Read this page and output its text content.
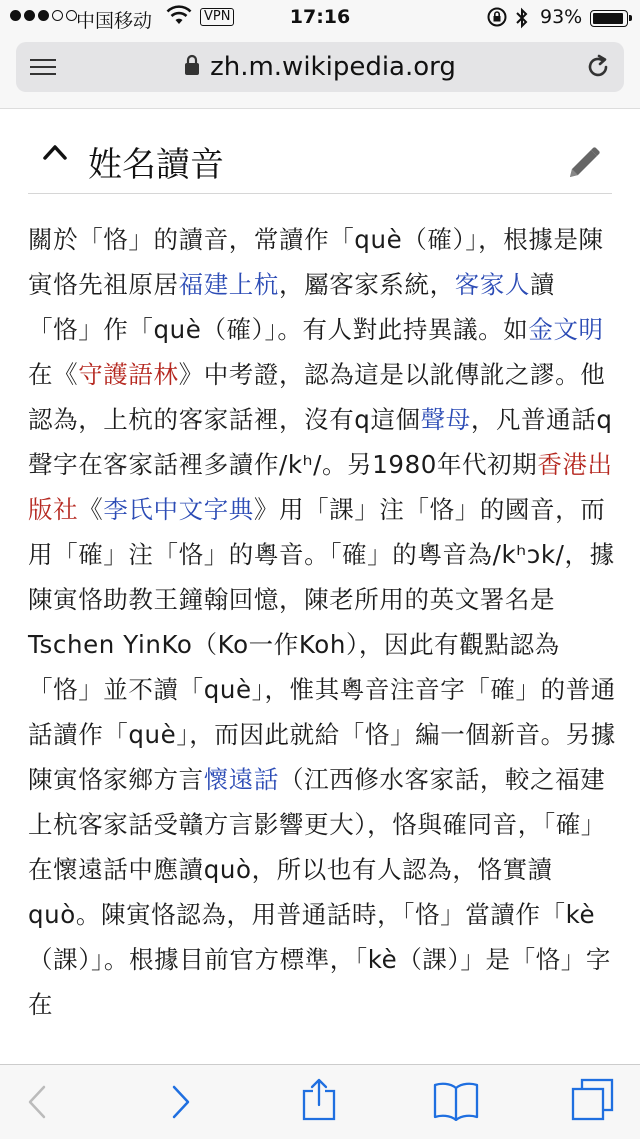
中国移动	VPN	17:16	93%
zh.m.wikipedia.org
姓名讀音
關於「恪」的讀音，常讀作「què（確）」，根據是陳寅恪先祖原居福建上杭，屬客家系統，客家人讀「恪」作「què（確）」。有人對此持異議。如金文明在《守護語林》中考證，認為這是以訛傳訛之謬。他認為，上杭的客家話裡，沒有q這個聲母，凡普通話q聲字在客家話裡多讀作/kʰ/。另1980年代初期香港出版社《李氏中文字典》用「課」注「恪」的國音，而用「確」注「恪」的粵音。「確」的粵音為/kʰɔk/，據陳寅恪助教王鐘翰回憶，陳老所用的英文署名是Tschen YinKo（Ko一作Koh），因此有觀點認為「恪」並不讀「què」，惟其粵音注音字「確」的普通話讀作「què」，而因此就給「恪」編一個新音。另據陳寅恪家鄉方言懷遠話（江西修水客家話，較之福建上杭客家話受贛方言影響更大），恪與確同音，「確」在懷遠話中應讀quò，所以也有人認為，恪實讀quò。陳寅恪認為，用普通話時，「恪」當讀作「kè（課）」。根據目前官方標準，「kè（課）」是「恪」字在
